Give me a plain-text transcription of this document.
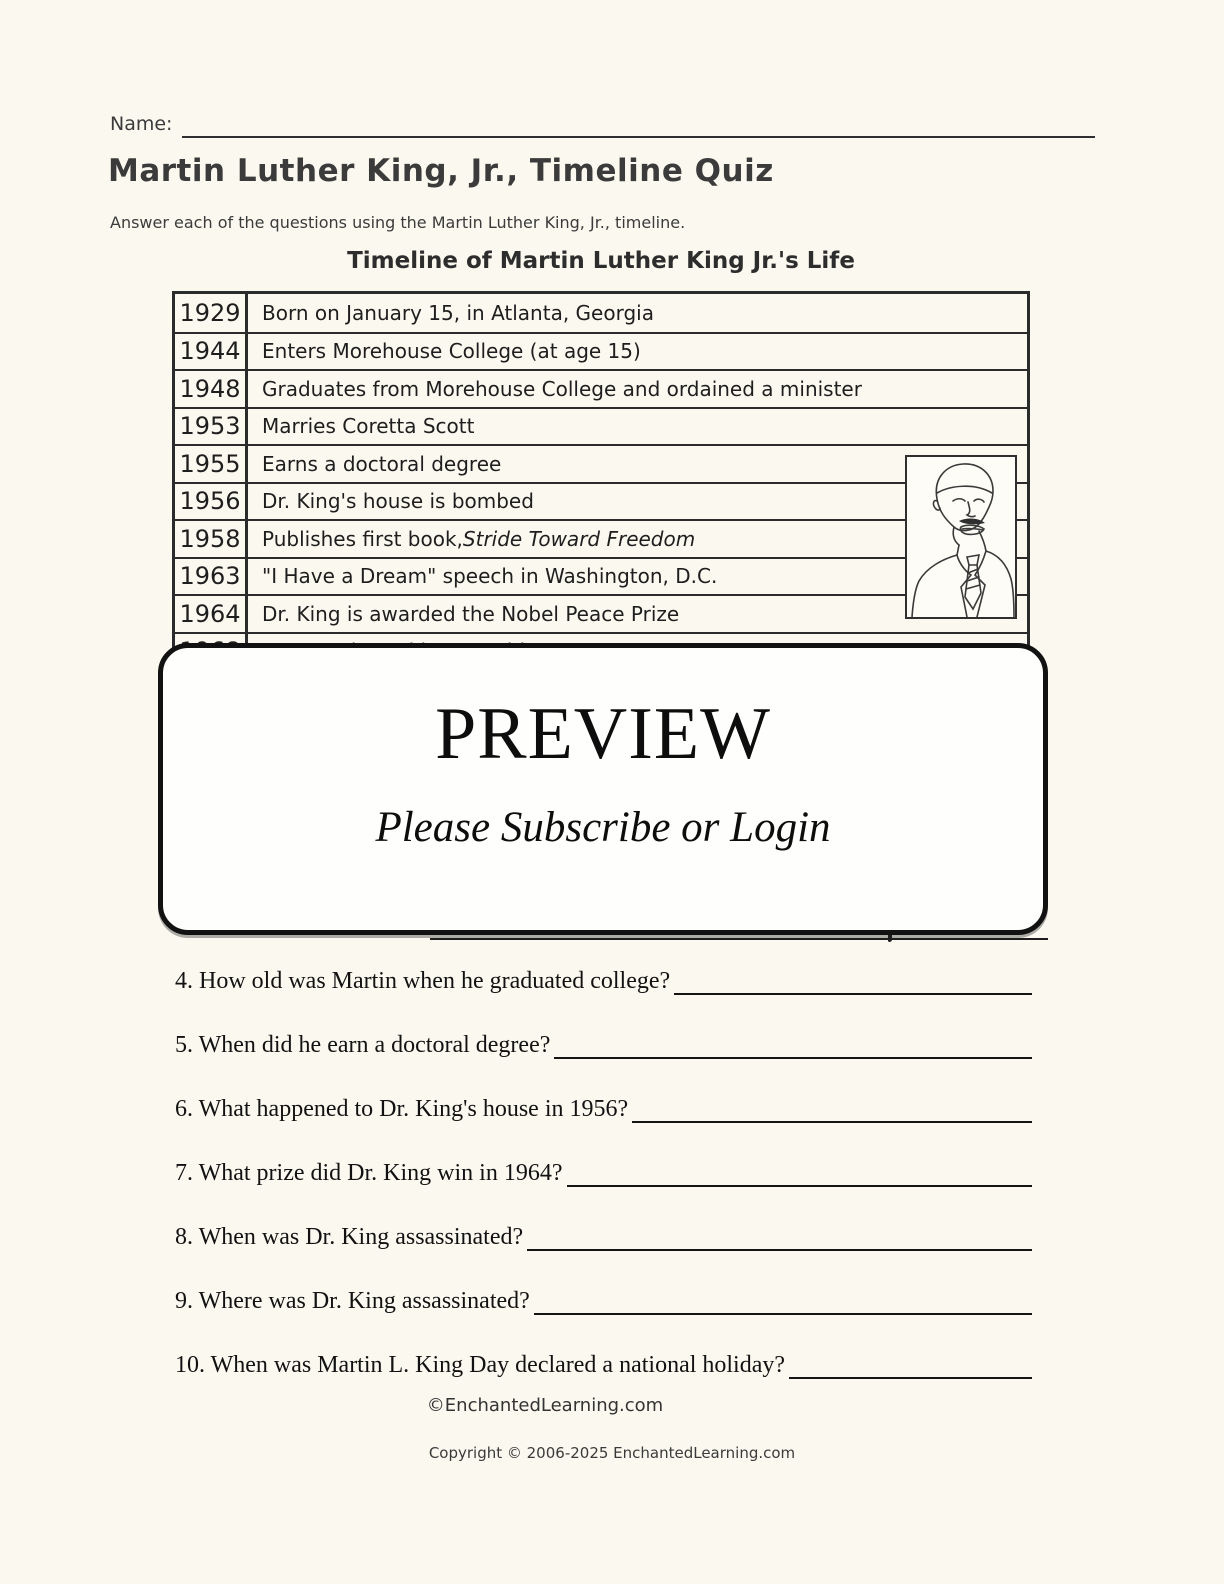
Name:
Martin Luther King, Jr., Timeline Quiz
Answer each of the questions using the Martin Luther King, Jr., timeline.
Timeline of Martin Luther King Jr.'s Life
1929	Born on January 15, in Atlanta, Georgia
1944	Enters Morehouse College (at age 15)
1948	Graduates from Morehouse College and ordained a minister
1953	Marries Coretta Scott
1955	Earns a doctoral degree
1956	Dr. King's house is bombed
1958	Publishes first book, Stride Toward Freedom
1963	"I Have a Dream" speech in Washington, D.C.
1964	Dr. King is awarded the Nobel Peace Prize
PREVIEW
Please Subscribe or Login
4. How old was Martin when he graduated college?
5. When did he earn a doctoral degree?
6. What happened to Dr. King's house in 1956?
7. What prize did Dr. King win in 1964?
8. When was Dr. King assassinated?
9. Where was Dr. King assassinated?
10. When was Martin L. King Day declared a national holiday?
©EnchantedLearning.com
Copyright © 2006-2025 EnchantedLearning.com
